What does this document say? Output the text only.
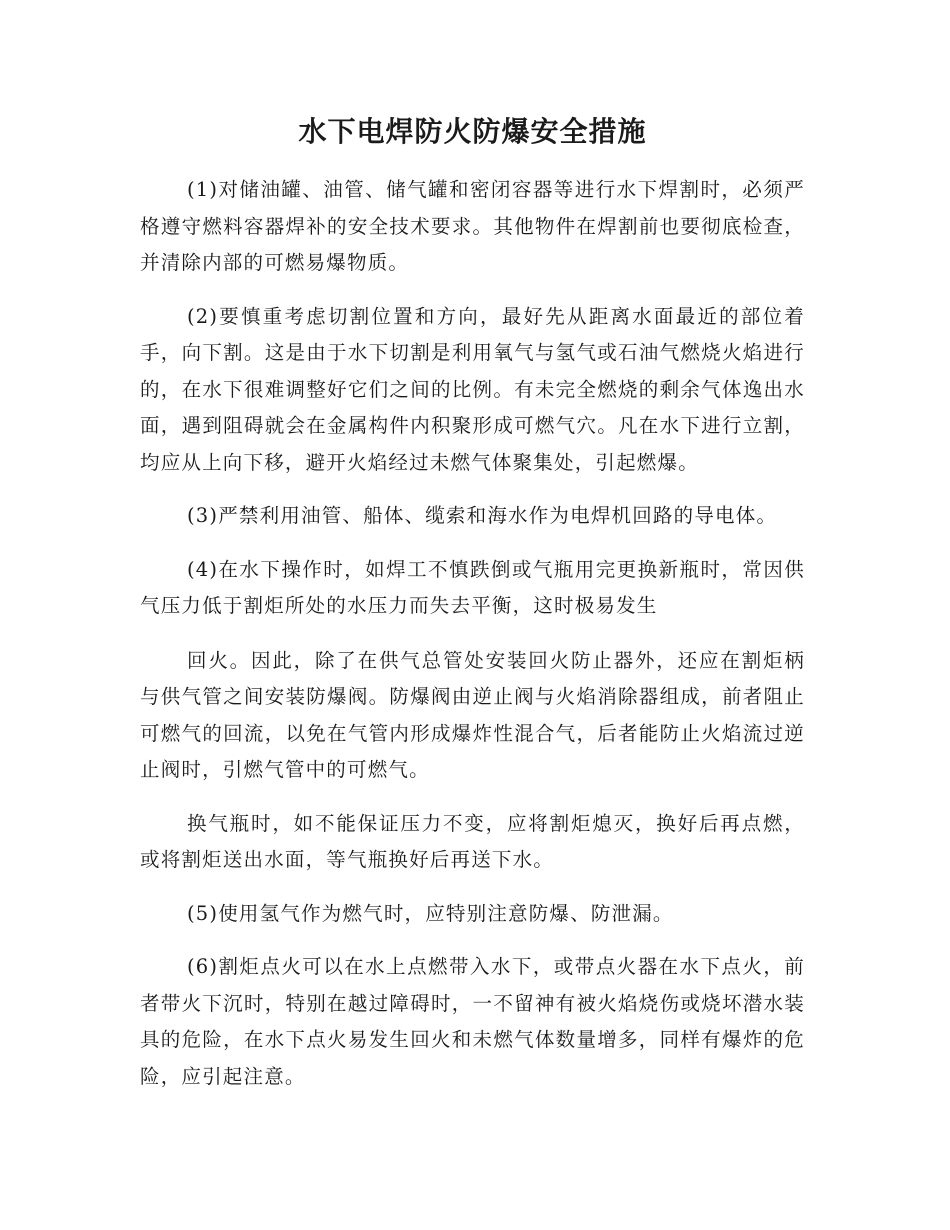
水下电焊防火防爆安全措施

(1)对储油罐、油管、储气罐和密闭容器等进行水下焊割时，必须严格遵守燃料容器焊补的安全技术要求。其他物件在焊割前也要彻底检查，并清除内部的可燃易爆物质。

(2)要慎重考虑切割位置和方向，最好先从距离水面最近的部位着手，向下割。这是由于水下切割是利用氧气与氢气或石油气燃烧火焰进行的，在水下很难调整好它们之间的比例。有未完全燃烧的剩余气体逸出水面，遇到阻碍就会在金属构件内积聚形成可燃气穴。凡在水下进行立割，均应从上向下移，避开火焰经过未燃气体聚集处，引起燃爆。

(3)严禁利用油管、船体、缆索和海水作为电焊机回路的导电体。

(4)在水下操作时，如焊工不慎跌倒或气瓶用完更换新瓶时，常因供气压力低于割炬所处的水压力而失去平衡，这时极易发生

回火。因此，除了在供气总管处安装回火防止器外，还应在割炬柄与供气管之间安装防爆阀。防爆阀由逆止阀与火焰消除器组成，前者阻止可燃气的回流，以免在气管内形成爆炸性混合气，后者能防止火焰流过逆止阀时，引燃气管中的可燃气。

换气瓶时，如不能保证压力不变，应将割炬熄灭，换好后再点燃，或将割炬送出水面，等气瓶换好后再送下水。

(5)使用氢气作为燃气时，应特别注意防爆、防泄漏。

(6)割炬点火可以在水上点燃带入水下，或带点火器在水下点火，前者带火下沉时，特别在越过障碍时，一不留神有被火焰烧伤或烧坏潜水装具的危险，在水下点火易发生回火和未燃气体数量增多，同样有爆炸的危险，应引起注意。
